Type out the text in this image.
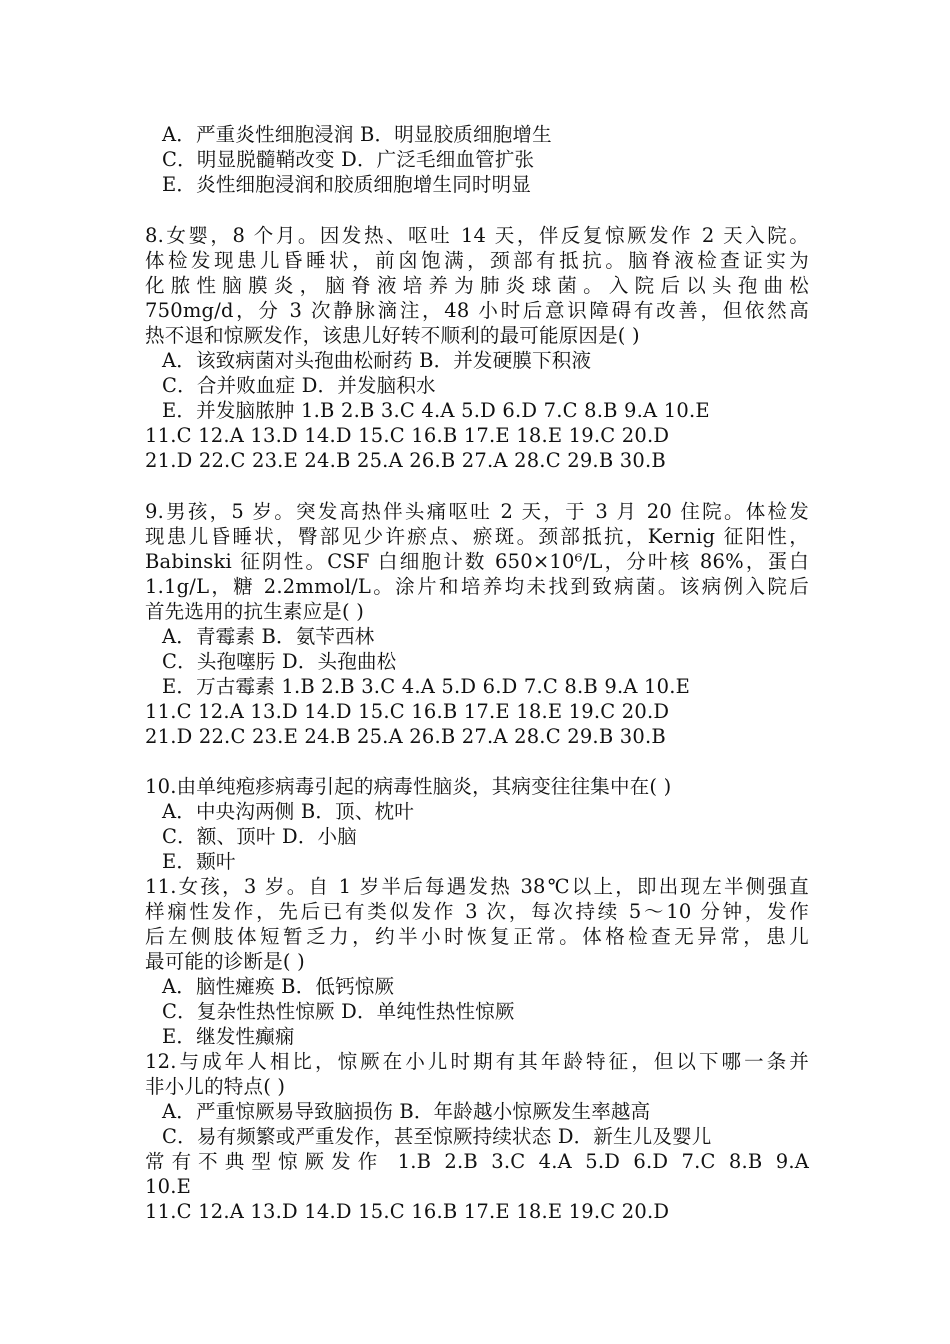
A．严重炎性细胞浸润 B．明显胶质细胞增生
C．明显脱髓鞘改变 D．广泛毛细血管扩张
E．炎性细胞浸润和胶质细胞增生同时明显
8.女婴，8 个月。因发热、呕吐 14 天，伴反复惊厥发作 2 天入院。
体检发现患儿昏睡状，前囟饱满，颈部有抵抗。脑脊液检查证实为
化脓性脑膜炎，脑脊液培养为肺炎球菌。入院后以头孢曲松
750mg/d，分 3 次静脉滴注，48 小时后意识障碍有改善，但依然高
热不退和惊厥发作，该患儿好转不顺利的最可能原因是( )
A．该致病菌对头孢曲松耐药 B．并发硬膜下积液
C．合并败血症 D．并发脑积水
E．并发脑脓肿 1.B 2.B 3.C 4.A 5.D 6.D 7.C 8.B 9.A 10.E
11.C 12.A 13.D 14.D 15.C 16.B 17.E 18.E 19.C 20.D
21.D 22.C 23.E 24.B 25.A 26.B 27.A 28.C 29.B 30.B
9.男孩，5 岁。突发高热伴头痛呕吐 2 天，于 3 月 20 住院。体检发
现患儿昏睡状，臀部见少许瘀点、瘀斑。颈部抵抗，Kernig 征阳性，
Babinski 征阴性。CSF 白细胞计数 650×10⁶/L，分叶核 86%，蛋白
1.1g/L，糖 2.2mmol/L。涂片和培养均未找到致病菌。该病例入院后
首先选用的抗生素应是( )
A．青霉素 B．氨苄西林
C．头孢噻肟 D．头孢曲松
E．万古霉素 1.B 2.B 3.C 4.A 5.D 6.D 7.C 8.B 9.A 10.E
11.C 12.A 13.D 14.D 15.C 16.B 17.E 18.E 19.C 20.D
21.D 22.C 23.E 24.B 25.A 26.B 27.A 28.C 29.B 30.B
10.由单纯疱疹病毒引起的病毒性脑炎，其病变往往集中在( )
A．中央沟两侧 B．顶、枕叶
C．额、顶叶 D．小脑
E．颞叶
11.女孩，3 岁。自 1 岁半后每遇发热 38℃以上，即出现左半侧强直
样痫性发作，先后已有类似发作 3 次，每次持续 5～10 分钟，发作
后左侧肢体短暂乏力，约半小时恢复正常。体格检查无异常，患儿
最可能的诊断是( )
A．脑性瘫痪 B．低钙惊厥
C．复杂性热性惊厥 D．单纯性热性惊厥
E．继发性癫痫
12.与成年人相比，惊厥在小儿时期有其年龄特征，但以下哪一条并
非小儿的特点( )
A．严重惊厥易导致脑损伤 B．年龄越小惊厥发生率越高
C．易有频繁或严重发作，甚至惊厥持续状态 D．新生儿及婴儿
常有不典型惊厥发作 1.B 2.B 3.C 4.A 5.D 6.D 7.C 8.B 9.A
10.E
11.C 12.A 13.D 14.D 15.C 16.B 17.E 18.E 19.C 20.D
